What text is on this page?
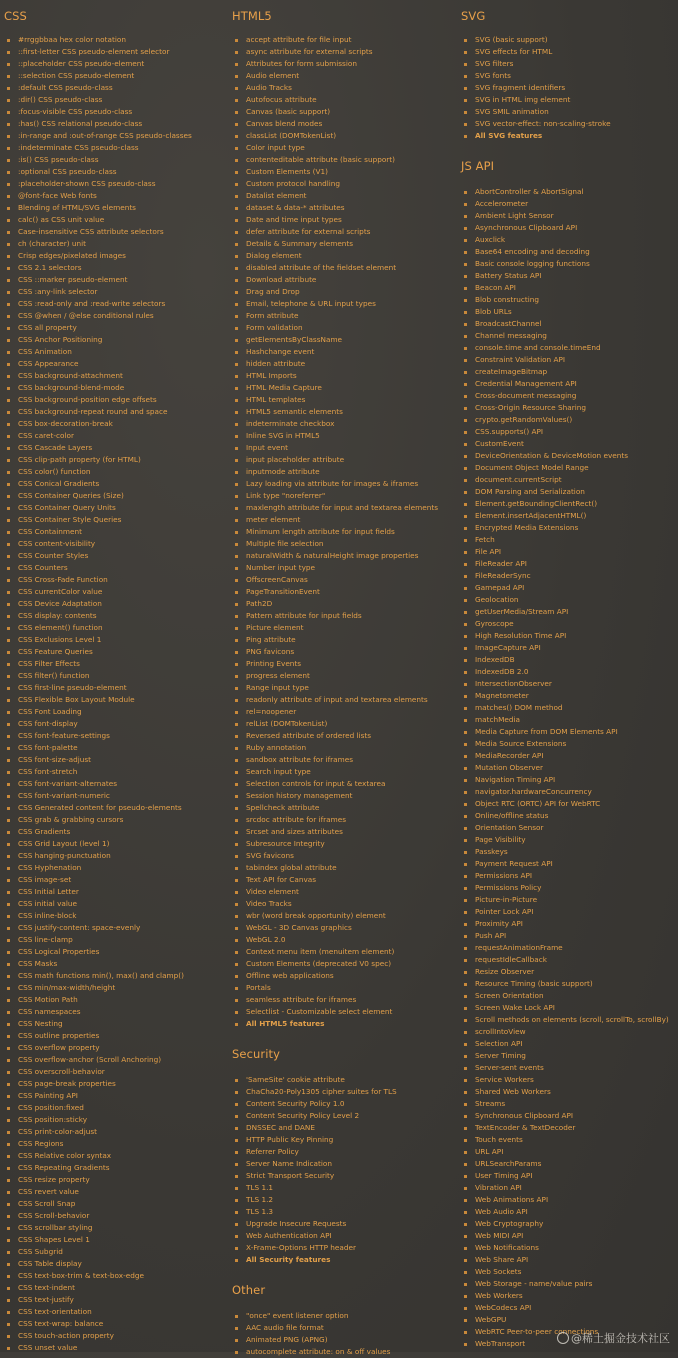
CSS
#rrggbbaa hex color notation
::first-letter CSS pseudo-element selector
::placeholder CSS pseudo-element
::selection CSS pseudo-element
:default CSS pseudo-class
:dir() CSS pseudo-class
:focus-visible CSS pseudo-class
:has() CSS relational pseudo-class
:in-range and :out-of-range CSS pseudo-classes
:indeterminate CSS pseudo-class
:is() CSS pseudo-class
:optional CSS pseudo-class
:placeholder-shown CSS pseudo-class
@font-face Web fonts
Blending of HTML/SVG elements
calc() as CSS unit value
Case-insensitive CSS attribute selectors
ch (character) unit
Crisp edges/pixelated images
CSS 2.1 selectors
CSS ::marker pseudo-element
CSS :any-link selector
CSS :read-only and :read-write selectors
CSS @when / @else conditional rules
CSS all property
CSS Anchor Positioning
CSS Animation
CSS Appearance
CSS background-attachment
CSS background-blend-mode
CSS background-position edge offsets
CSS background-repeat round and space
CSS box-decoration-break
CSS caret-color
CSS Cascade Layers
CSS clip-path property (for HTML)
CSS color() function
CSS Conical Gradients
CSS Container Queries (Size)
CSS Container Query Units
CSS Container Style Queries
CSS Containment
CSS content-visibility
CSS Counter Styles
CSS Counters
CSS Cross-Fade Function
CSS currentColor value
CSS Device Adaptation
CSS display: contents
CSS element() function
CSS Exclusions Level 1
CSS Feature Queries
CSS Filter Effects
CSS filter() function
CSS first-line pseudo-element
CSS Flexible Box Layout Module
CSS Font Loading
CSS font-display
CSS font-feature-settings
CSS font-palette
CSS font-size-adjust
CSS font-stretch
CSS font-variant-alternates
CSS font-variant-numeric
CSS Generated content for pseudo-elements
CSS grab & grabbing cursors
CSS Gradients
CSS Grid Layout (level 1)
CSS hanging-punctuation
CSS Hyphenation
CSS image-set
CSS Initial Letter
CSS initial value
CSS inline-block
CSS justify-content: space-evenly
CSS line-clamp
CSS Logical Properties
CSS Masks
CSS math functions min(), max() and clamp()
CSS min/max-width/height
CSS Motion Path
CSS namespaces
CSS Nesting
CSS outline properties
CSS overflow property
CSS overflow-anchor (Scroll Anchoring)
CSS overscroll-behavior
CSS page-break properties
CSS Painting API
CSS position:fixed
CSS position:sticky
CSS print-color-adjust
CSS Regions
CSS Relative color syntax
CSS Repeating Gradients
CSS resize property
CSS revert value
CSS Scroll Snap
CSS Scroll-behavior
CSS scrollbar styling
CSS Shapes Level 1
CSS Subgrid
CSS Table display
CSS text-box-trim & text-box-edge
CSS text-indent
CSS text-justify
CSS text-orientation
CSS text-wrap: balance
CSS touch-action property
CSS unset value
HTML5
accept attribute for file input
async attribute for external scripts
Attributes for form submission
Audio element
Audio Tracks
Autofocus attribute
Canvas (basic support)
Canvas blend modes
classList (DOMTokenList)
Color input type
contenteditable attribute (basic support)
Custom Elements (V1)
Custom protocol handling
Datalist element
dataset & data-* attributes
Date and time input types
defer attribute for external scripts
Details & Summary elements
Dialog element
disabled attribute of the fieldset element
Download attribute
Drag and Drop
Email, telephone & URL input types
Form attribute
Form validation
getElementsByClassName
Hashchange event
hidden attribute
HTML Imports
HTML Media Capture
HTML templates
HTML5 semantic elements
indeterminate checkbox
Inline SVG in HTML5
Input event
input placeholder attribute
inputmode attribute
Lazy loading via attribute for images & iframes
Link type "noreferrer"
maxlength attribute for input and textarea elements
meter element
Minimum length attribute for input fields
Multiple file selection
naturalWidth & naturalHeight image properties
Number input type
OffscreenCanvas
PageTransitionEvent
Path2D
Pattern attribute for input fields
Picture element
Ping attribute
PNG favicons
Printing Events
progress element
Range input type
readonly attribute of input and textarea elements
rel=noopener
relList (DOMTokenList)
Reversed attribute of ordered lists
Ruby annotation
sandbox attribute for iframes
Search input type
Selection controls for input & textarea
Session history management
Spellcheck attribute
srcdoc attribute for iframes
Srcset and sizes attributes
Subresource Integrity
SVG favicons
tabindex global attribute
Text API for Canvas
Video element
Video Tracks
wbr (word break opportunity) element
WebGL - 3D Canvas graphics
WebGL 2.0
Context menu item (menuitem element)
Custom Elements (deprecated V0 spec)
Offline web applications
Portals
seamless attribute for iframes
Selectlist - Customizable select element
All HTML5 features
Security
'SameSite' cookie attribute
ChaCha20-Poly1305 cipher suites for TLS
Content Security Policy 1.0
Content Security Policy Level 2
DNSSEC and DANE
HTTP Public Key Pinning
Referrer Policy
Server Name Indication
Strict Transport Security
TLS 1.1
TLS 1.2
TLS 1.3
Upgrade Insecure Requests
Web Authentication API
X-Frame-Options HTTP header
All Security features
Other
"once" event listener option
AAC audio file format
Animated PNG (APNG)
autocomplete attribute: on & off values
SVG
SVG (basic support)
SVG effects for HTML
SVG filters
SVG fonts
SVG fragment identifiers
SVG in HTML img element
SVG SMIL animation
SVG vector-effect: non-scaling-stroke
All SVG features
JS API
AbortController & AbortSignal
Accelerometer
Ambient Light Sensor
Asynchronous Clipboard API
Auxclick
Base64 encoding and decoding
Basic console logging functions
Battery Status API
Beacon API
Blob constructing
Blob URLs
BroadcastChannel
Channel messaging
console.time and console.timeEnd
Constraint Validation API
createImageBitmap
Credential Management API
Cross-document messaging
Cross-Origin Resource Sharing
crypto.getRandomValues()
CSS.supports() API
CustomEvent
DeviceOrientation & DeviceMotion events
Document Object Model Range
document.currentScript
DOM Parsing and Serialization
Element.getBoundingClientRect()
Element.insertAdjacentHTML()
Encrypted Media Extensions
Fetch
File API
FileReader API
FileReaderSync
Gamepad API
Geolocation
getUserMedia/Stream API
Gyroscope
High Resolution Time API
ImageCapture API
IndexedDB
IndexedDB 2.0
IntersectionObserver
Magnetometer
matches() DOM method
matchMedia
Media Capture from DOM Elements API
Media Source Extensions
MediaRecorder API
Mutation Observer
Navigation Timing API
navigator.hardwareConcurrency
Object RTC (ORTC) API for WebRTC
Online/offline status
Orientation Sensor
Page Visibility
Passkeys
Payment Request API
Permissions API
Permissions Policy
Picture-in-Picture
Pointer Lock API
Proximity API
Push API
requestAnimationFrame
requestIdleCallback
Resize Observer
Resource Timing (basic support)
Screen Orientation
Screen Wake Lock API
Scroll methods on elements (scroll, scrollTo, scrollBy)
scrollIntoView
Selection API
Server Timing
Server-sent events
Service Workers
Shared Web Workers
Streams
Synchronous Clipboard API
TextEncoder & TextDecoder
Touch events
URL API
URLSearchParams
User Timing API
Vibration API
Web Animations API
Web Audio API
Web Cryptography
Web MIDI API
Web Notifications
Web Share API
Web Sockets
Web Storage - name/value pairs
Web Workers
WebCodecs API
WebGPU
WebRTC Peer-to-peer connections
WebTransport	@稀土掘金技术社区
